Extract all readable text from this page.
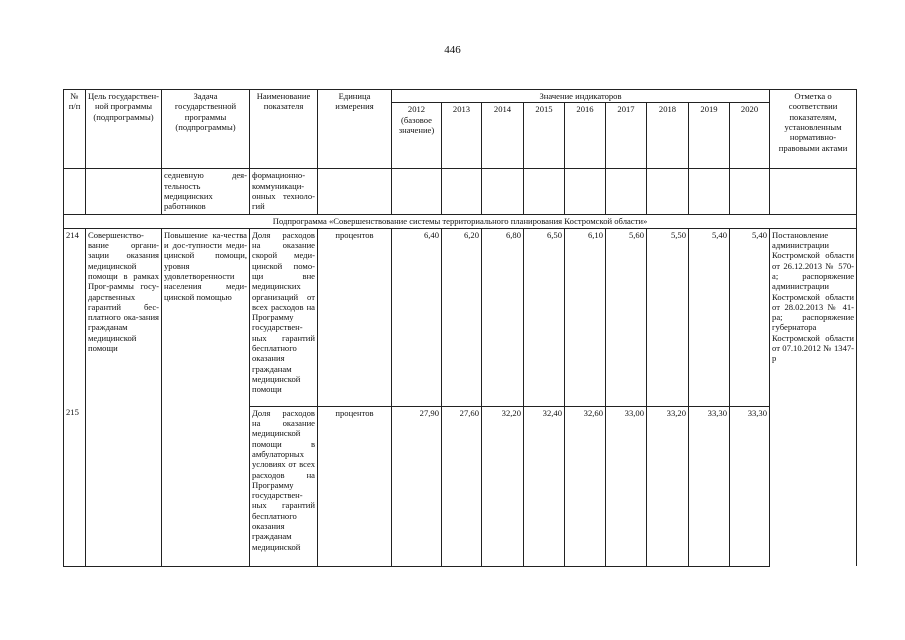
446
№ п/п	Цель государствен-ной программы (подпрограммы)	Задача государственной программы (подпрограммы)	Наименование показателя	Единица измерения	Значение индикаторов									Отметка о соответствии показателям, установленным нормативно-правовыми актами
					2012 (базовое значение)	2013	2014	2015	2016	2017	2018	2019	2020	
		седневную дея-тельность медицинских работников	формационно-коммуникаци-онных техноло-гий											
Подпрограмма «Совершенствование системы территориального планирования Костромской области»														
214	Совершенство-вание органи-зации оказания медицинской помощи в рамках Прог-раммы госу-дарственных гарантий бес-платного ока-зания гражданам медицинской помощи	Повышение ка-чества и дос-тупности меди-цинской помощи, уровня удовлетворенности населения меди-цинской помощью	Доля расходов на оказание скорой меди-цинской помо-щи вне медицинских организаций от всех расходов на Программу государствен-ных гарантий бесплатного оказания гражданам медицинской помощи	процентов	6,40	6,20	6,80	6,50	6,10	5,60	5,50	5,40	5,40	Постановление администрации Костромской области от 26.12.2013 № 570-а; распоряжение администрации Костромской области от 28.02.2013 № 41-ра; распоряжение губернатора Костромской области от 07.10.2012 № 1347-р
215			Доля расходов на оказание медицинской помощи в амбулаторных условиях от всех расходов на Программу государствен-ных гарантий бесплатного оказания гражданам медицинской	процентов	27,90	27,60	32,20	32,40	32,60	33,00	33,20	33,30	33,30	
